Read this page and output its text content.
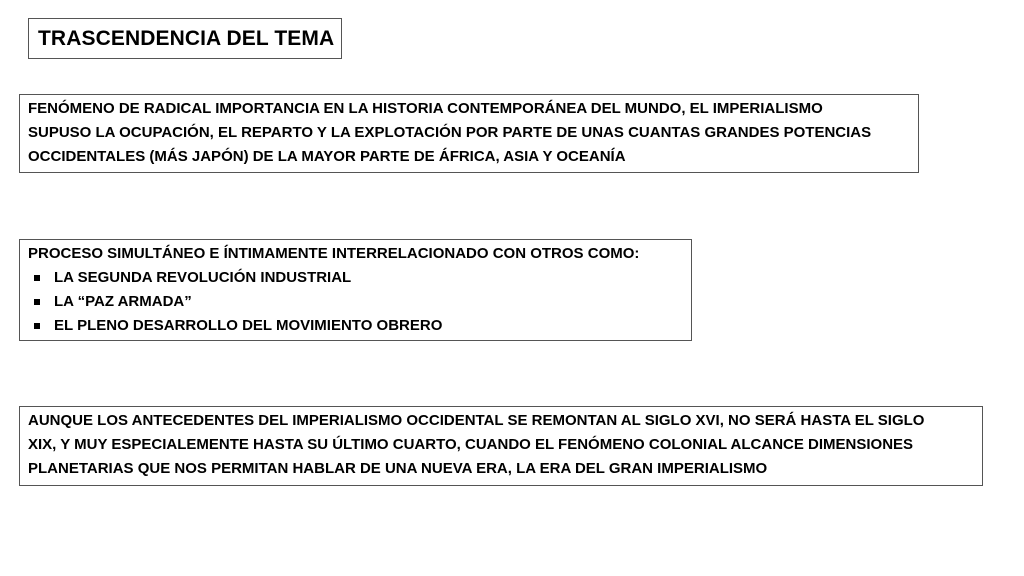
TRASCENDENCIA DEL TEMA
FENÓMENO DE RADICAL IMPORTANCIA EN LA HISTORIA CONTEMPORÁNEA DEL MUNDO, EL IMPERIALISMO
SUPUSO LA OCUPACIÓN, EL REPARTO Y LA EXPLOTACIÓN POR PARTE DE UNAS CUANTAS GRANDES POTENCIAS
OCCIDENTALES (MÁS JAPÓN) DE LA MAYOR PARTE DE ÁFRICA, ASIA Y OCEANÍA
PROCESO SIMULTÁNEO E ÍNTIMAMENTE INTERRELACIONADO CON OTROS COMO:
LA SEGUNDA REVOLUCIÓN INDUSTRIAL
LA “PAZ ARMADA”
EL PLENO DESARROLLO DEL MOVIMIENTO OBRERO
AUNQUE LOS ANTECEDENTES DEL IMPERIALISMO OCCIDENTAL SE REMONTAN AL SIGLO XVI, NO SERÁ HASTA EL SIGLO
XIX, Y MUY ESPECIALEMENTE HASTA SU ÚLTIMO CUARTO, CUANDO EL FENÓMENO COLONIAL ALCANCE DIMENSIONES
PLANETARIAS QUE NOS PERMITAN HABLAR DE UNA NUEVA ERA, LA ERA DEL GRAN IMPERIALISMO
